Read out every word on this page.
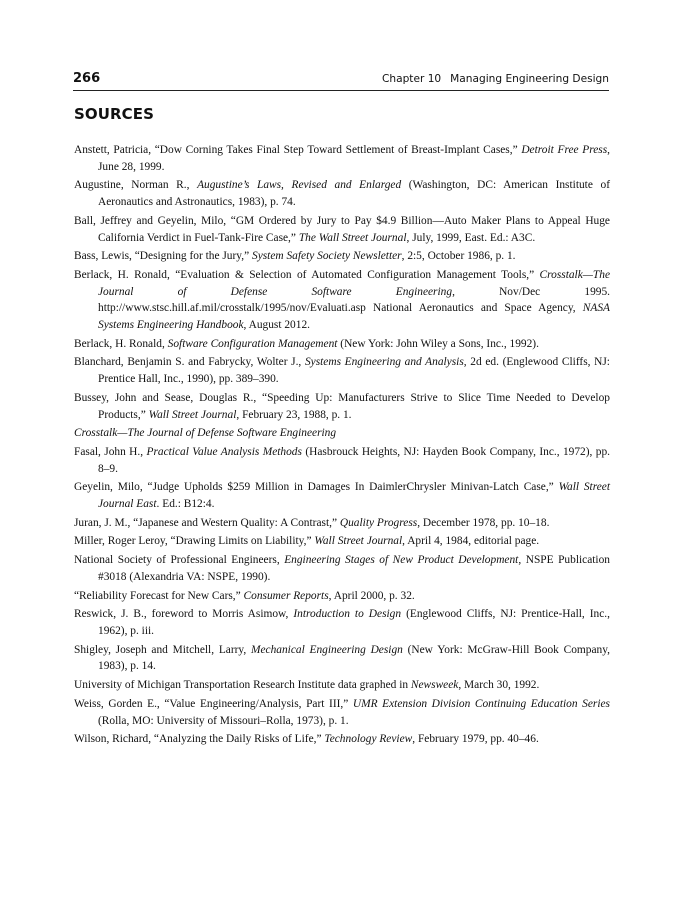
266	Chapter 10 Managing Engineering Design
SOURCES
Anstett, Patricia, “Dow Corning Takes Final Step Toward Settlement of Breast-Implant Cases,” Detroit Free Press, June 28, 1999.
Augustine, Norman R., Augustine’s Laws, Revised and Enlarged (Washington, DC: American Institute of Aeronautics and Astronautics, 1983), p. 74.
Ball, Jeffrey and Geyelin, Milo, “GM Ordered by Jury to Pay $4.9 Billion—Auto Maker Plans to Appeal Huge California Verdict in Fuel-Tank-Fire Case,” The Wall Street Journal, July, 1999, East. Ed.: A3C.
Bass, Lewis, “Designing for the Jury,” System Safety Society Newsletter, 2:5, October 1986, p. 1.
Berlack, H. Ronald, “Evaluation & Selection of Automated Configuration Management Tools,” Crosstalk—The Journal of Defense Software Engineering, Nov/Dec 1995. http://www.stsc.hill.af.mil/crosstalk/1995/nov/Evaluati.asp National Aeronautics and Space Agency, NASA Systems Engineering Handbook, August 2012.
Berlack, H. Ronald, Software Configuration Management (New York: John Wiley a Sons, Inc., 1992).
Blanchard, Benjamin S. and Fabrycky, Wolter J., Systems Engineering and Analysis, 2d ed. (Englewood Cliffs, NJ: Prentice Hall, Inc., 1990), pp. 389–390.
Bussey, John and Sease, Douglas R., “Speeding Up: Manufacturers Strive to Slice Time Needed to Develop Products,” Wall Street Journal, February 23, 1988, p. 1.
Crosstalk—The Journal of Defense Software Engineering
Fasal, John H., Practical Value Analysis Methods (Hasbrouck Heights, NJ: Hayden Book Company, Inc., 1972), pp. 8–9.
Geyelin, Milo, “Judge Upholds $259 Million in Damages In DaimlerChrysler Minivan-Latch Case,” Wall Street Journal East. Ed.: B12:4.
Juran, J. M., “Japanese and Western Quality: A Contrast,” Quality Progress, December 1978, pp. 10–18.
Miller, Roger Leroy, “Drawing Limits on Liability,” Wall Street Journal, April 4, 1984, editorial page.
National Society of Professional Engineers, Engineering Stages of New Product Development, NSPE Publication #3018 (Alexandria VA: NSPE, 1990).
“Reliability Forecast for New Cars,” Consumer Reports, April 2000, p. 32.
Reswick, J. B., foreword to Morris Asimow, Introduction to Design (Englewood Cliffs, NJ: Prentice-Hall, Inc., 1962), p. iii.
Shigley, Joseph and Mitchell, Larry, Mechanical Engineering Design (New York: McGraw-Hill Book Company, 1983), p. 14.
University of Michigan Transportation Research Institute data graphed in Newsweek, March 30, 1992.
Weiss, Gorden E., “Value Engineering/Analysis, Part III,” UMR Extension Division Continuing Education Series (Rolla, MO: University of Missouri–Rolla, 1973), p. 1.
Wilson, Richard, “Analyzing the Daily Risks of Life,” Technology Review, February 1979, pp. 40–46.
